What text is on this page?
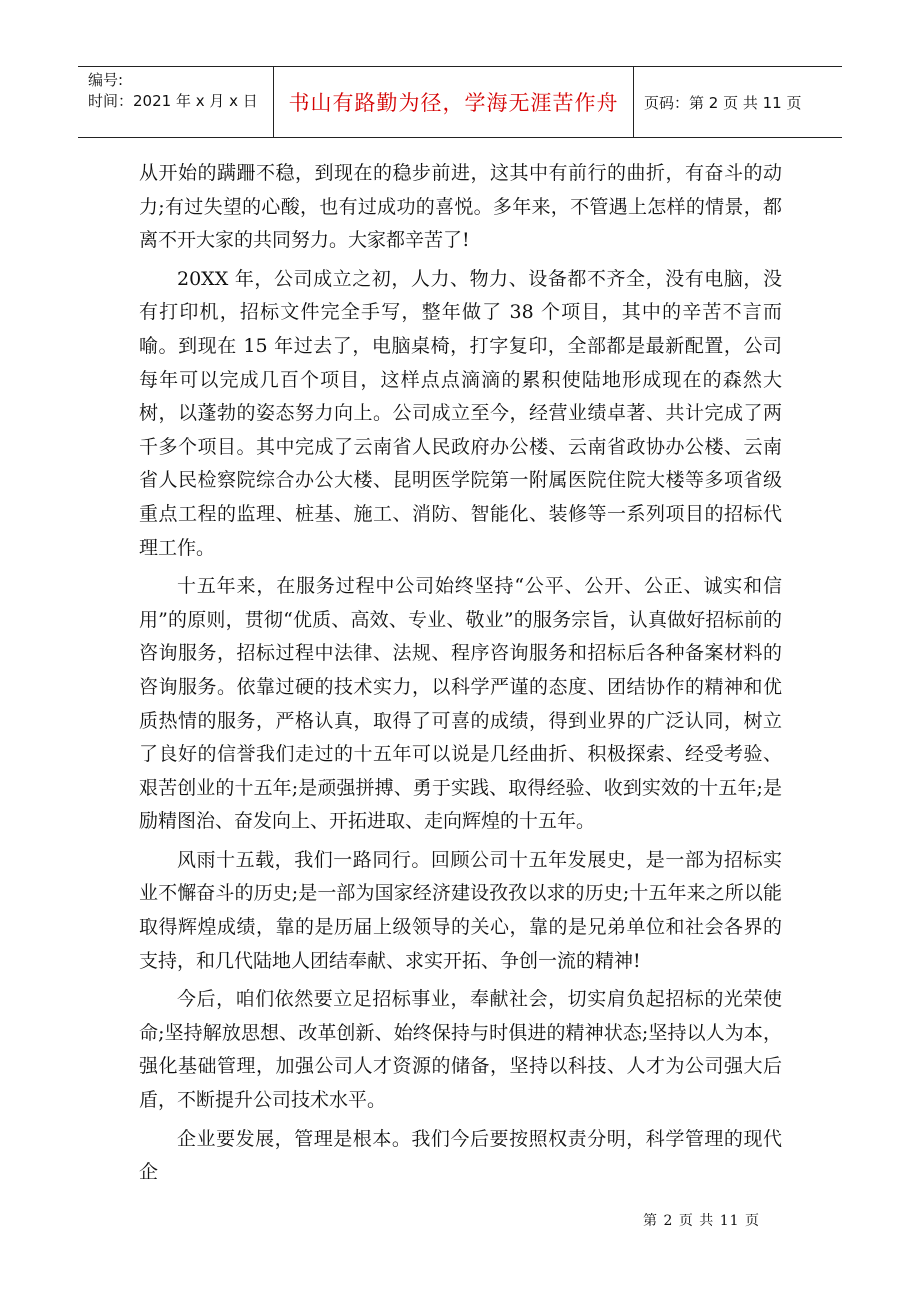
编号:
时间：2021 年 x 月 x 日	书山有路勤为径，学海无涯苦作舟	页码：第 2 页 共 11 页

从开始的蹒跚不稳，到现在的稳步前进，这其中有前行的曲折，有奋斗的动力;有过失望的心酸，也有过成功的喜悦。多年来，不管遇上怎样的情景，都离不开大家的共同努力。大家都辛苦了!

20XX 年，公司成立之初，人力、物力、设备都不齐全，没有电脑，没有打印机，招标文件完全手写，整年做了 38 个项目，其中的辛苦不言而喻。到现在 15 年过去了，电脑桌椅，打字复印，全部都是最新配置，公司每年可以完成几百个项目，这样点点滴滴的累积使陆地形成现在的森然大树，以蓬勃的姿态努力向上。公司成立至今，经营业绩卓著、共计完成了两千多个项目。其中完成了云南省人民政府办公楼、云南省政协办公楼、云南省人民检察院综合办公大楼、昆明医学院第一附属医院住院大楼等多项省级重点工程的监理、桩基、施工、消防、智能化、装修等一系列项目的招标代理工作。

十五年来，在服务过程中公司始终坚持“公平、公开、公正、诚实和信用”的原则，贯彻“优质、高效、专业、敬业”的服务宗旨，认真做好招标前的咨询服务，招标过程中法律、法规、程序咨询服务和招标后各种备案材料的咨询服务。依靠过硬的技术实力，以科学严谨的态度、团结协作的精神和优质热情的服务，严格认真，取得了可喜的成绩，得到业界的广泛认同，树立了良好的信誉我们走过的十五年可以说是几经曲折、积极探索、经受考验、艰苦创业的十五年;是顽强拼搏、勇于实践、取得经验、收到实效的十五年;是励精图治、奋发向上、开拓进取、走向辉煌的十五年。

风雨十五载，我们一路同行。回顾公司十五年发展史，是一部为招标实业不懈奋斗的历史;是一部为国家经济建设孜孜以求的历史;十五年来之所以能取得辉煌成绩，靠的是历届上级领导的关心，靠的是兄弟单位和社会各界的支持，和几代陆地人团结奉献、求实开拓、争创一流的精神!

今后，咱们依然要立足招标事业，奉献社会，切实肩负起招标的光荣使命;坚持解放思想、改革创新、始终保持与时俱进的精神状态;坚持以人为本，强化基础管理，加强公司人才资源的储备，坚持以科技、人才为公司强大后盾，不断提升公司技术水平。

企业要发展，管理是根本。我们今后要按照权责分明，科学管理的现代企

第 2 页 共 11 页
